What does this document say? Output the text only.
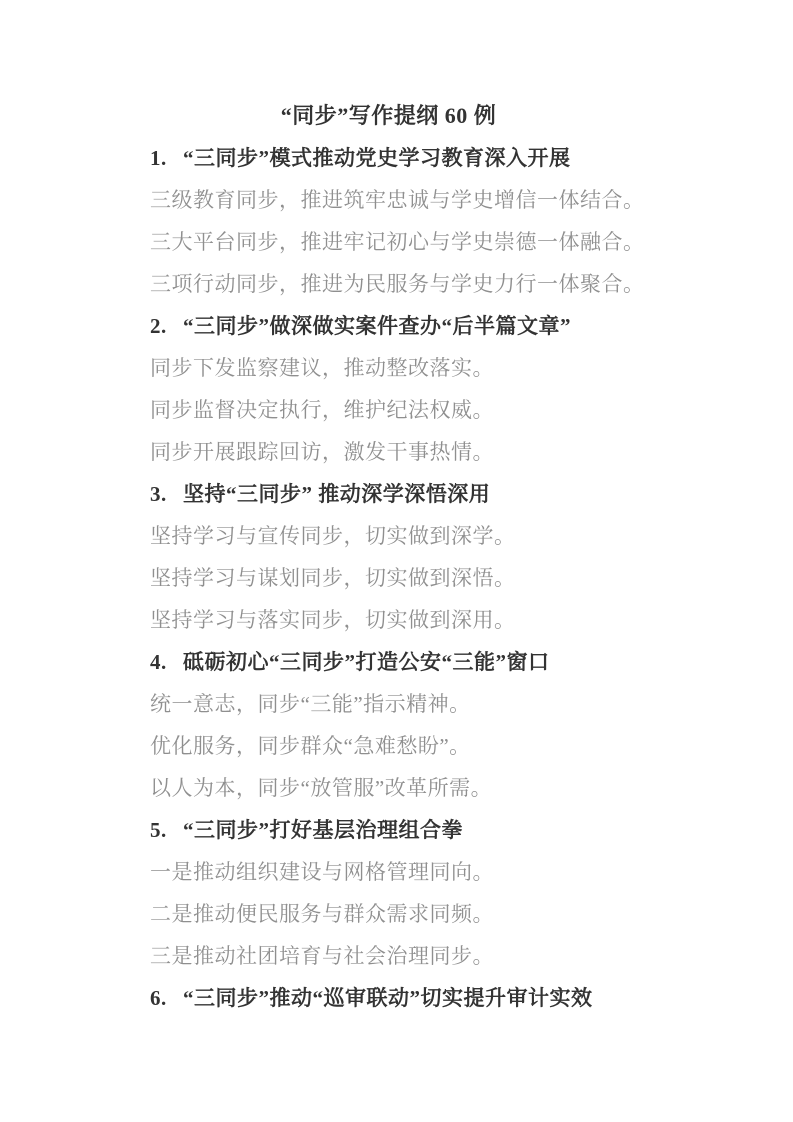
“同步”写作提纲 60 例
1. “三同步”模式推动党史学习教育深入开展

三级教育同步，推进筑牢忠诚与学史增信一体结合。

三大平台同步，推进牢记初心与学史崇德一体融合。

三项行动同步，推进为民服务与学史力行一体聚合。

2. “三同步”做深做实案件查办“后半篇文章”

同步下发监察建议，推动整改落实。

同步监督决定执行，维护纪法权威。

同步开展跟踪回访，激发干事热情。

3. 坚持“三同步” 推动深学深悟深用

坚持学习与宣传同步，切实做到深学。

坚持学习与谋划同步，切实做到深悟。

坚持学习与落实同步，切实做到深用。

4. 砥砺初心“三同步”打造公安“三能”窗口

统一意志，同步“三能”指示精神。

优化服务，同步群众“急难愁盼”。

以人为本，同步“放管服”改革所需。

5. “三同步”打好基层治理组合拳

一是推动组织建设与网格管理同向。

二是推动便民服务与群众需求同频。

三是推动社团培育与社会治理同步。

6. “三同步”推动“巡审联动”切实提升审计实效
